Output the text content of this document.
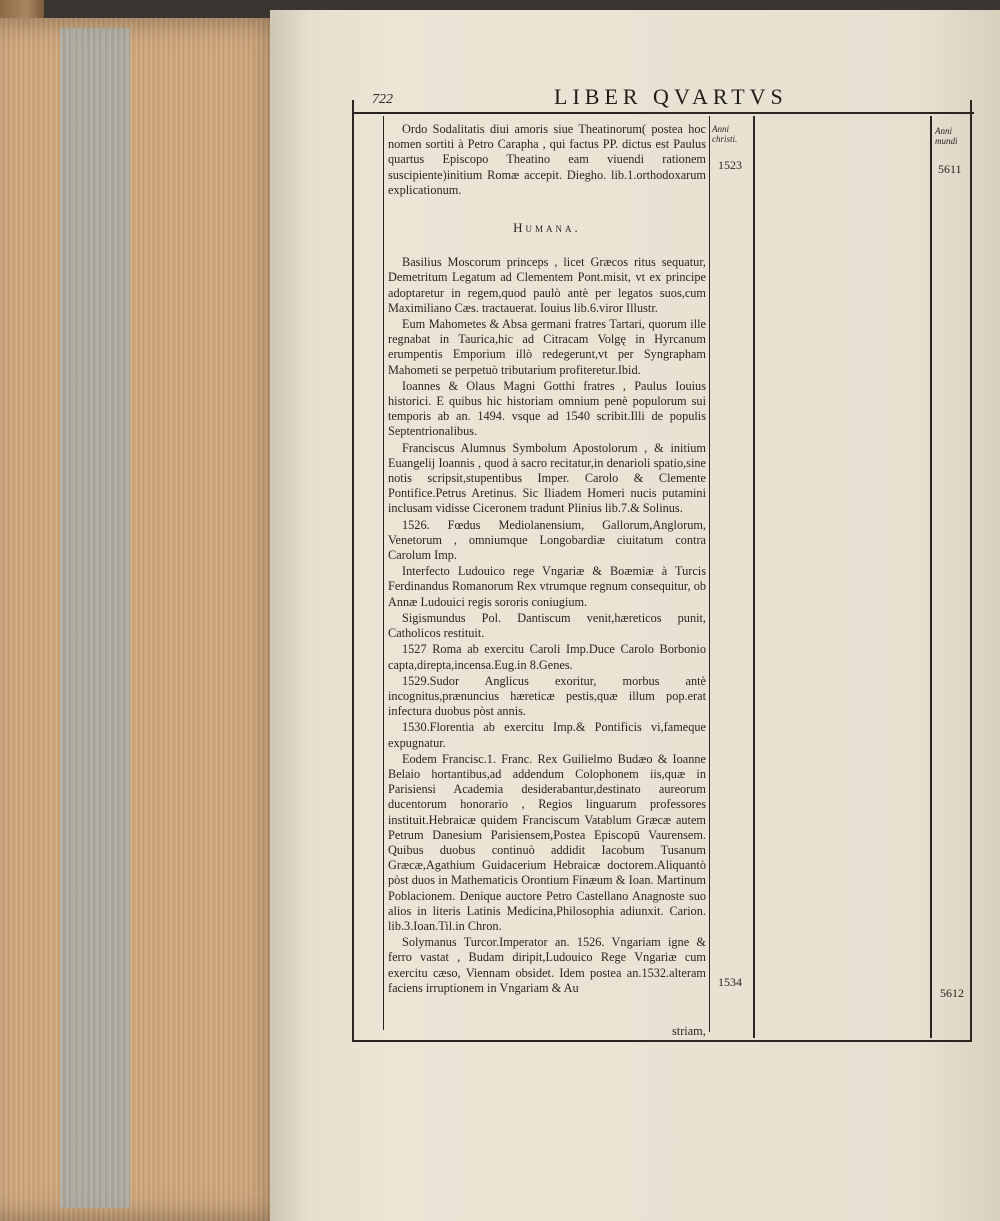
722	LIBER QVARTVS
Anni christi.
Anni mundi
1523	5611
1534
5612

Ordo Sodalitatis diui amoris siue Theatinorum( postea hoc nomen sortiti à Petro Carapha , qui factus PP. dictus est Paulus quartus Episcopo Theatino eam viuendi rationem suscipiente)initium Romæ accepit. Diegho. lib.1.orthodoxarum explicationum.

Humana.

Basilius Moscorum princeps , licet Græcos ritus sequatur, Demetritum Legatum ad Clementem Pont.misit, vt ex principe adoptaretur in regem,quod paulò antè per legatos suos,cum Maximiliano Cæs. tractauerat. Iouius lib.6.viror Illustr.

Eum Mahometes & Absa germani fratres Tartari, quorum ille regnabat in Taurica,hic ad Citracam Volgę in Hyrcanum erumpentis Emporium illò redegerunt,vt per Syngrapham Mahometi se perpetuò tributarium profiteretur.Ibid.

Ioannes & Olaus Magni Gotthi fratres , Paulus Iouius historici. E quibus hic historiam omnium penè populorum sui temporis ab an. 1494. vsque ad 1540 scribit.Illi de populis Septentrionalibus.

Franciscus Alumnus Symbolum Apostolorum , & initium Euangelij Ioannis , quod à sacro recitatur,in denarioli spatio,sine notis scripsit,stupentibus Imper. Carolo & Clemente Pontifice.Petrus Aretinus. Sic Iliadem Homeri nucis putamini inclusam vidisse Ciceronem tradunt Plinius lib.7.& Solinus.

1526. Fœdus Mediolanensium, Gallorum,Anglorum, Venetorum , omniumque Longobardiæ ciuitatum contra Carolum Imp.

Interfecto Ludouico rege Vngariæ & Boæmiæ à Turcis Ferdinandus Romanorum Rex vtrumque regnum consequitur, ob Annæ Ludouici regis sororis coniugium.

Sigismundus Pol. Dantiscum venit,hæreticos punit, Catholicos restituit.

1527 Roma ab exercitu Caroli Imp.Duce Carolo Borbonio capta,direpta,incensa.Eug.in 8.Genes.

1529.Sudor Anglicus exoritur, morbus antè incognitus,prænuncius hæreticæ pestis,quæ illum pop.erat infectura duobus pòst annis.

1530.Florentia ab exercitu Imp.& Pontificis vi,fameque expugnatur.

Eodem Francisc.1. Franc. Rex Guilielmo Budæo & Ioanne Belaio hortantibus,ad addendum Colophonem iis,quæ in Parisiensi Academia desiderabantur,destinato aureorum ducentorum honorario , Regios linguarum professores instituit.Hebraicæ quidem Franciscum Vatablum Græcæ autem Petrum Danesium Parisiensem,Postea Episcopū Vaurensem. Quibus duobus continuò addidit Iacobum Tusanum Græcæ,Agathium Guidacerium Hebraicæ doctorem.Aliquantò pòst duos in Mathematicis Orontium Finæum & Ioan. Martinum Poblacionem. Denique auctore Petro Castellano Anagnoste suo alios in literis Latinis Medicina,Philosophia adiunxit. Carion. lib.3.Ioan.Til.in Chron.

Solymanus Turcor.Imperator an. 1526. Vngariam igne & ferro vastat , Budam diripit,Ludouico Rege Vngariæ cum exercitu cæso, Viennam obsidet. Idem postea an.1532.alteram faciens irruptionem in Vngariam & Au

striam,
